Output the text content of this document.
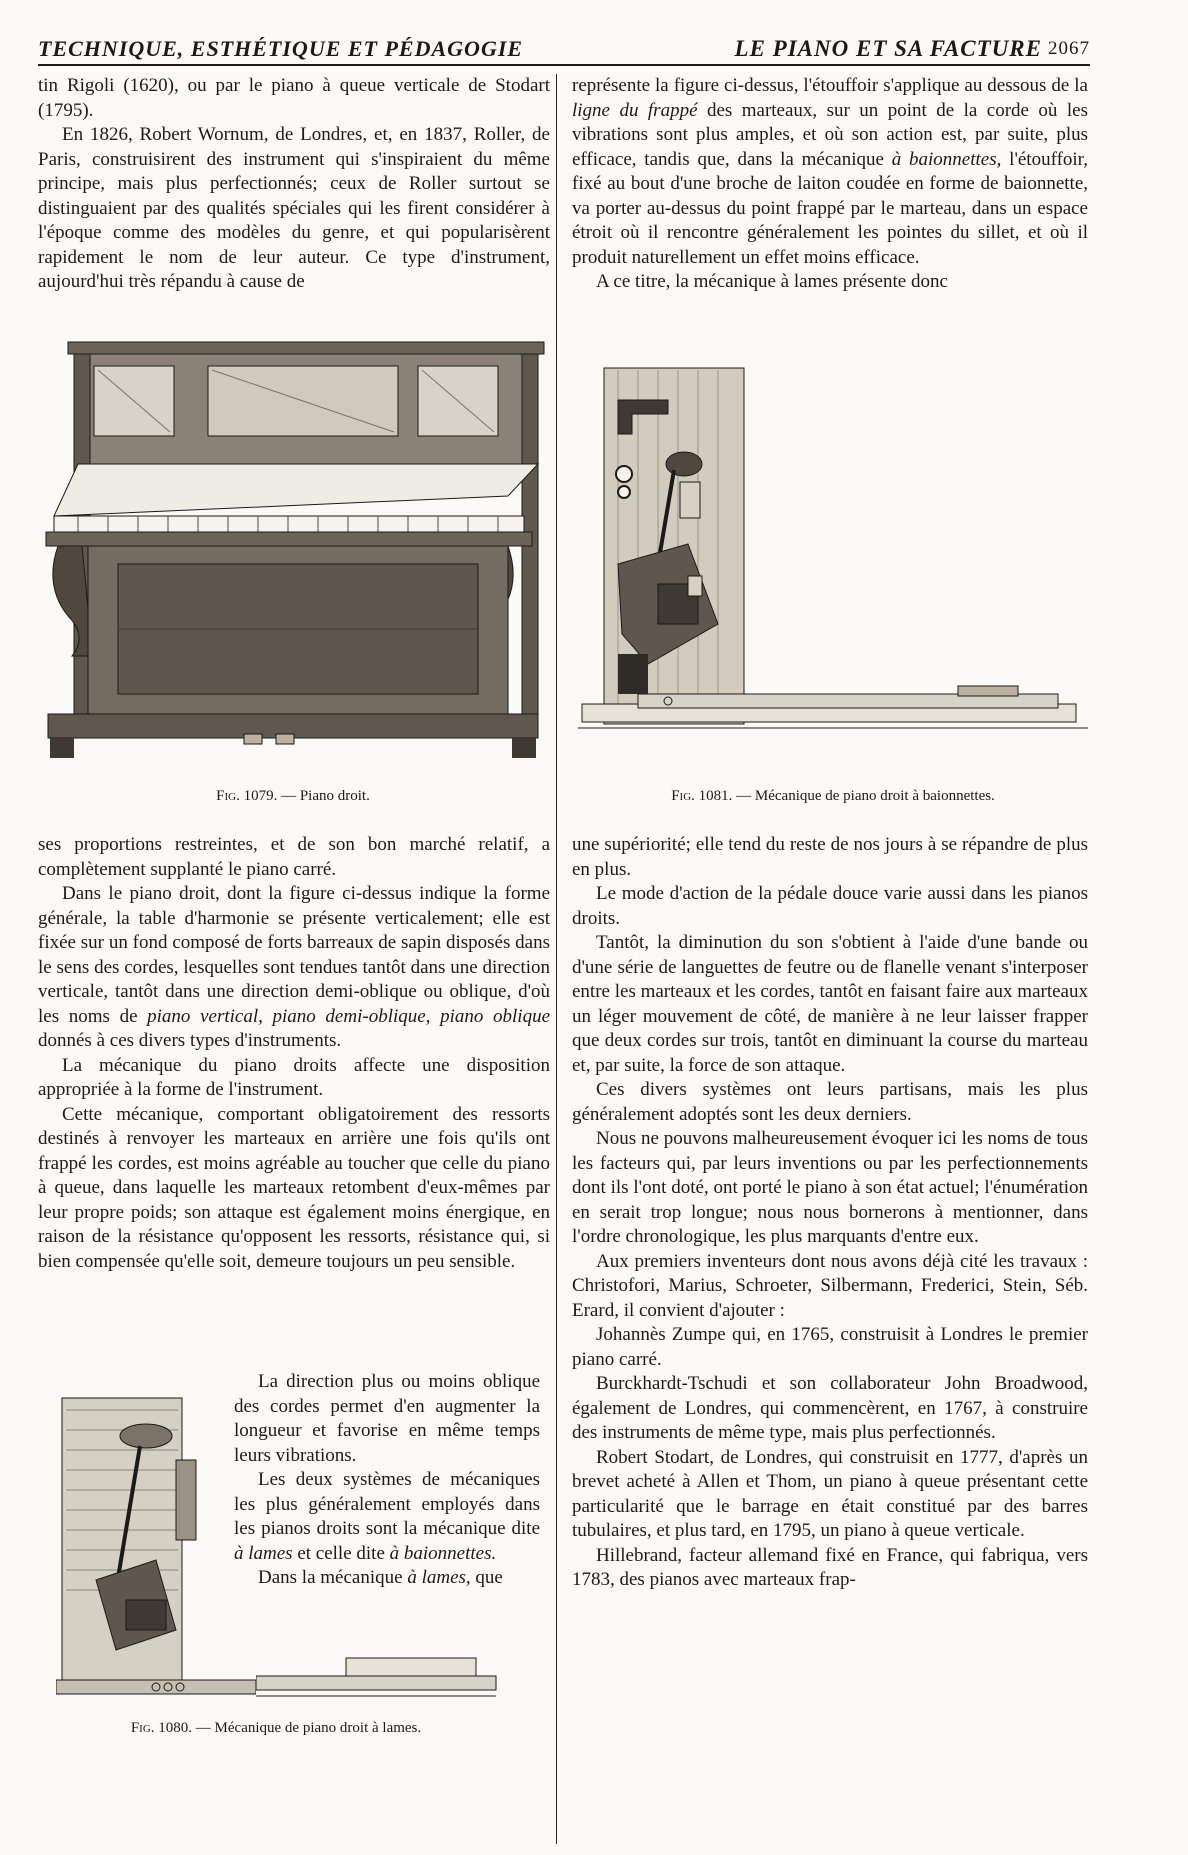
TECHNIQUE, ESTHÉTIQUE ET PÉDAGOGIE	LE PIANO ET SA FACTURE 2067

tin Rigoli (1620), ou par le piano à queue verticale de Stodart (1795).

En 1826, Robert Wornum, de Londres, et, en 1837, Roller, de Paris, construisirent des instrument qui s'inspiraient du même principe, mais plus perfectionnés; ceux de Roller surtout se distinguaient par des qualités spéciales qui les firent considérer à l'époque comme des modèles du genre, et qui popularisèrent rapidement le nom de leur auteur. Ce type d'instrument, aujourd'hui très répandu à cause de

Fig. 1079. — Piano droit.

ses proportions restreintes, et de son bon marché relatif, a complètement supplanté le piano carré.

Dans le piano droit, dont la figure ci-dessus indique la forme générale, la table d'harmonie se présente verticalement; elle est fixée sur un fond composé de forts barreaux de sapin disposés dans le sens des cordes, lesquelles sont tendues tantôt dans une direction verticale, tantôt dans une direction demi-oblique ou oblique, d'où les noms de piano vertical, piano demi-oblique, piano oblique donnés à ces divers types d'instruments.

La mécanique du piano droits affecte une disposition appropriée à la forme de l'instrument.

Cette mécanique, comportant obligatoirement des ressorts destinés à renvoyer les marteaux en arrière une fois qu'ils ont frappé les cordes, est moins agréable au toucher que celle du piano à queue, dans laquelle les marteaux retombent d'eux-mêmes par leur propre poids; son attaque est également moins énergique, en raison de la résistance qu'opposent les ressorts, résistance qui, si bien compensée qu'elle soit, demeure toujours un peu sensible.

Fig. 1080. — Mécanique de piano droit à lames.

La direction plus ou moins oblique des cordes permet d'en augmenter la longueur et favorise en même temps leurs vibrations.

Les deux systèmes de mécaniques les plus généralement employés dans les pianos droits sont la mécanique dite à lames et celle dite à baionnettes.

Dans la mécanique à lames, que

représente la figure ci-dessus, l'étouffoir s'applique au dessous de la ligne du frappé des marteaux, sur un point de la corde où les vibrations sont plus amples, et où son action est, par suite, plus efficace, tandis que, dans la mécanique à baionnettes, l'étouffoir, fixé au bout d'une broche de laiton coudée en forme de baionnette, va porter au-dessus du point frappé par le marteau, dans un espace étroit où il rencontre généralement les pointes du sillet, et où il produit naturellement un effet moins efficace.

A ce titre, la mécanique à lames présente donc

Fig. 1081. — Mécanique de piano droit à baionnettes.

une supériorité; elle tend du reste de nos jours à se répandre de plus en plus.

Le mode d'action de la pédale douce varie aussi dans les pianos droits.

Tantôt, la diminution du son s'obtient à l'aide d'une bande ou d'une série de languettes de feutre ou de flanelle venant s'interposer entre les marteaux et les cordes, tantôt en faisant faire aux marteaux un léger mouvement de côté, de manière à ne leur laisser frapper que deux cordes sur trois, tantôt en diminuant la course du marteau et, par suite, la force de son attaque.

Ces divers systèmes ont leurs partisans, mais les plus généralement adoptés sont les deux derniers.

Nous ne pouvons malheureusement évoquer ici les noms de tous les facteurs qui, par leurs inventions ou par les perfectionnements dont ils l'ont doté, ont porté le piano à son état actuel; l'énumération en serait trop longue; nous nous bornerons à mentionner, dans l'ordre chronologique, les plus marquants d'entre eux.

Aux premiers inventeurs dont nous avons déjà cité les travaux : Christofori, Marius, Schroeter, Silbermann, Frederici, Stein, Séb. Erard, il convient d'ajouter :

Johannès Zumpe qui, en 1765, construisit à Londres le premier piano carré.

Burckhardt-Tschudi et son collaborateur John Broadwood, également de Londres, qui commencèrent, en 1767, à construire des instruments de même type, mais plus perfectionnés.

Robert Stodart, de Londres, qui construisit en 1777, d'après un brevet acheté à Allen et Thom, un piano à queue présentant cette particularité que le barrage en était constitué par des barres tubulaires, et plus tard, en 1795, un piano à queue verticale.

Hillebrand, facteur allemand fixé en France, qui fabriqua, vers 1783, des pianos avec marteaux frap-
